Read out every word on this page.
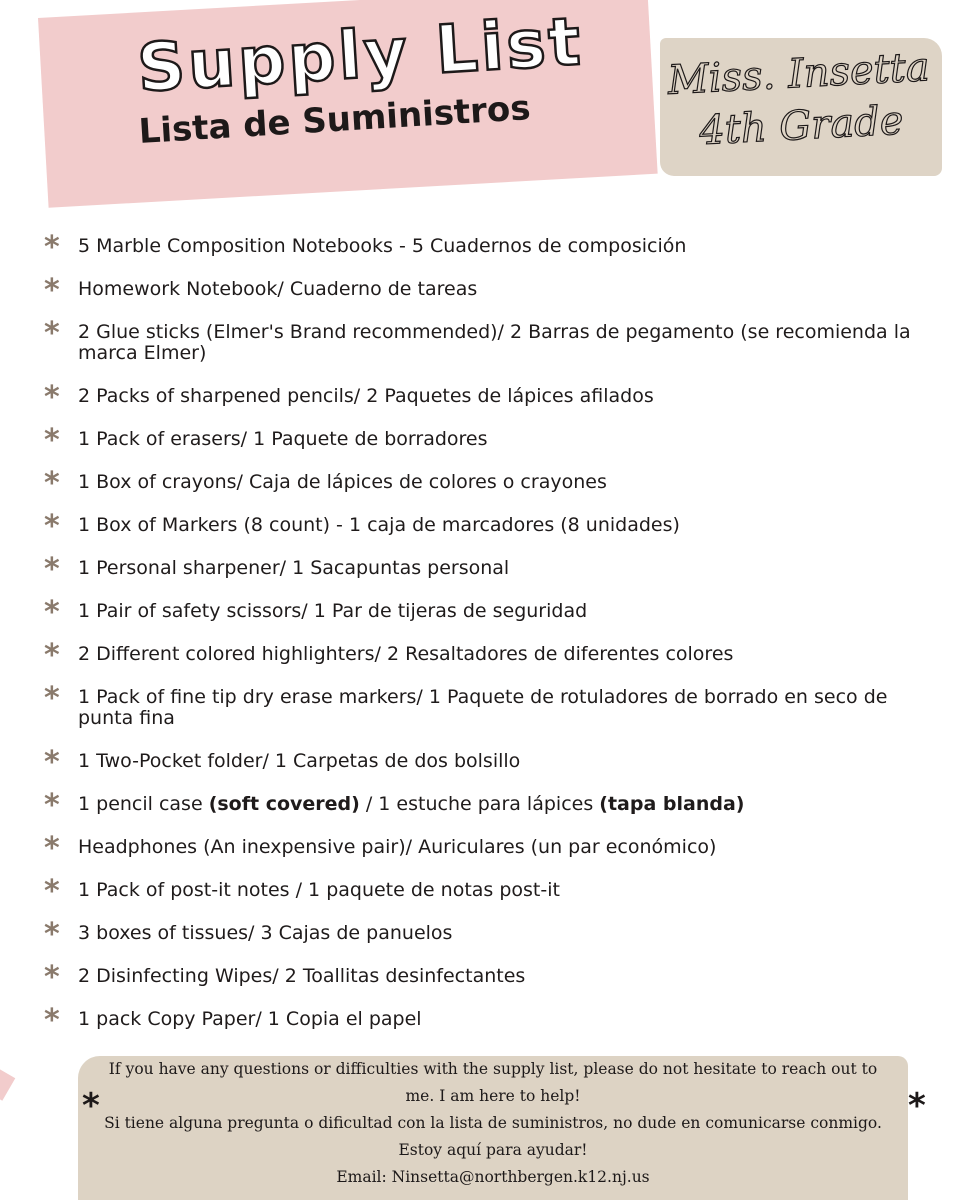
Supply List
Lista de Suministros
Miss. Insetta
4th Grade
* 5 Marble Composition Notebooks - 5 Cuadernos de composición
* Homework Notebook/ Cuaderno de tareas
* 2 Glue sticks (Elmer's Brand recommended)/ 2 Barras de pegamento (se recomienda la marca Elmer)
* 2 Packs of sharpened pencils/ 2 Paquetes de lápices afilados
* 1 Pack of erasers/ 1 Paquete de borradores
* 1 Box of crayons/ Caja de lápices de colores o crayones
* 1 Box of Markers (8 count) - 1 caja de marcadores (8 unidades)
* 1 Personal sharpener/ 1 Sacapuntas personal
* 1 Pair of safety scissors/ 1 Par de tijeras de seguridad
* 2 Different colored highlighters/ 2 Resaltadores de diferentes colores
* 1 Pack of fine tip dry erase markers/ 1 Paquete de rotuladores de borrado en seco de punta fina
* 1 Two-Pocket folder/ 1 Carpetas de dos bolsillo
* 1 pencil case (soft covered) / 1 estuche para lápices (tapa blanda)
* Headphones (An inexpensive pair)/ Auriculares (un par económico)
* 1 Pack of post-it notes / 1 paquete de notas post-it
* 3 boxes of tissues/ 3 Cajas de panuelos
* 2 Disinfecting Wipes/ 2 Toallitas desinfectantes
* 1 pack Copy Paper/ 1 Copia el papel
*	*

If you have any questions or difficulties with the supply list, please do not hesitate to reach out to me. I am here to help!

Si tiene alguna pregunta o dificultad con la lista de suministros, no dude en comunicarse conmigo. Estoy aquí para ayudar!

Email: Ninsetta@northbergen.k12.nj.us
